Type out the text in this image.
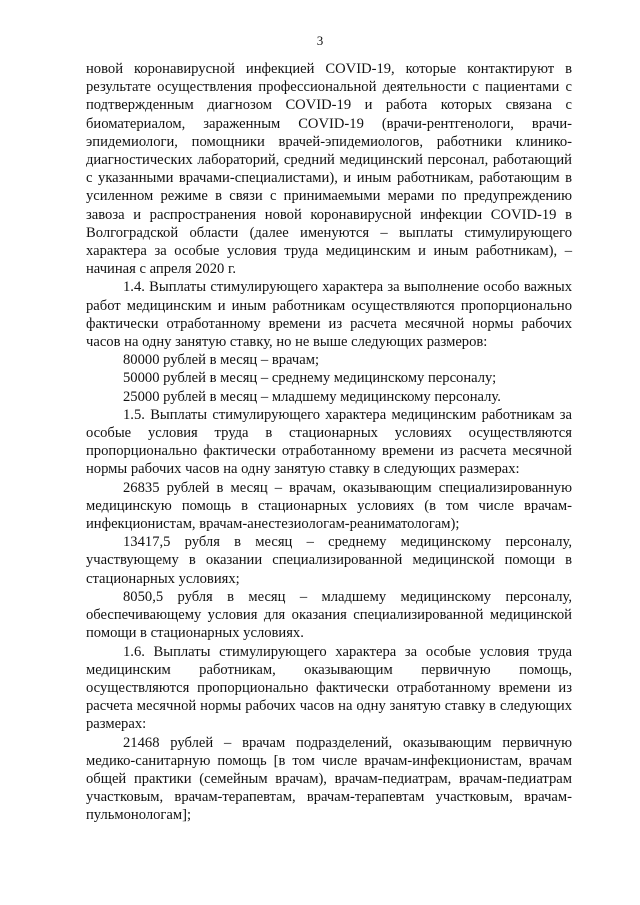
3

новой коронавирусной инфекцией COVID-19, которые контактируют в результате осуществления профессиональной деятельности с пациентами с подтвержденным диагнозом COVID-19 и работа которых связана с биоматериалом, зараженным COVID-19 (врачи-рентгенологи, врачи-эпидемиологи, помощники врачей-эпидемиологов, работники клинико-диагностических лабораторий, средний медицинский персонал, работающий с указанными врачами-специалистами), и иным работникам, работающим в усиленном режиме в связи с принимаемыми мерами по предупреждению завоза и распространения новой коронавирусной инфекции COVID-19 в Волгоградской области (далее именуются – выплаты стимулирующего характера за особые условия труда медицинским и иным работникам), – начиная с апреля 2020 г.

1.4. Выплаты стимулирующего характера за выполнение особо важных работ медицинским и иным работникам осуществляются пропорционально фактически отработанному времени из расчета месячной нормы рабочих часов на одну занятую ставку, но не выше следующих размеров:

80000 рублей в месяц – врачам;

50000 рублей в месяц – среднему медицинскому персоналу;

25000 рублей в месяц – младшему медицинскому персоналу.

1.5. Выплаты стимулирующего характера медицинским работникам за особые условия труда в стационарных условиях осуществляются пропорционально фактически отработанному времени из расчета месячной нормы рабочих часов на одну занятую ставку в следующих размерах:

26835 рублей в месяц – врачам, оказывающим специализированную медицинскую помощь в стационарных условиях (в том числе врачам-инфекционистам, врачам-анестезиологам-реаниматологам);

13417,5 рубля в месяц – среднему медицинскому персоналу, участвующему в оказании специализированной медицинской помощи в стационарных условиях;

8050,5 рубля в месяц – младшему медицинскому персоналу, обеспечивающему условия для оказания специализированной медицинской помощи в стационарных условиях.

1.6. Выплаты стимулирующего характера за особые условия труда медицинским работникам, оказывающим первичную помощь, осуществляются пропорционально фактически отработанному времени из расчета месячной нормы рабочих часов на одну занятую ставку в следующих размерах:

21468 рублей – врачам подразделений, оказывающим первичную медико-санитарную помощь [в том числе врачам-инфекционистам, врачам общей практики (семейным врачам), врачам-педиатрам, врачам-педиатрам участковым, врачам-терапевтам, врачам-терапевтам участковым, врачам-пульмонологам];
